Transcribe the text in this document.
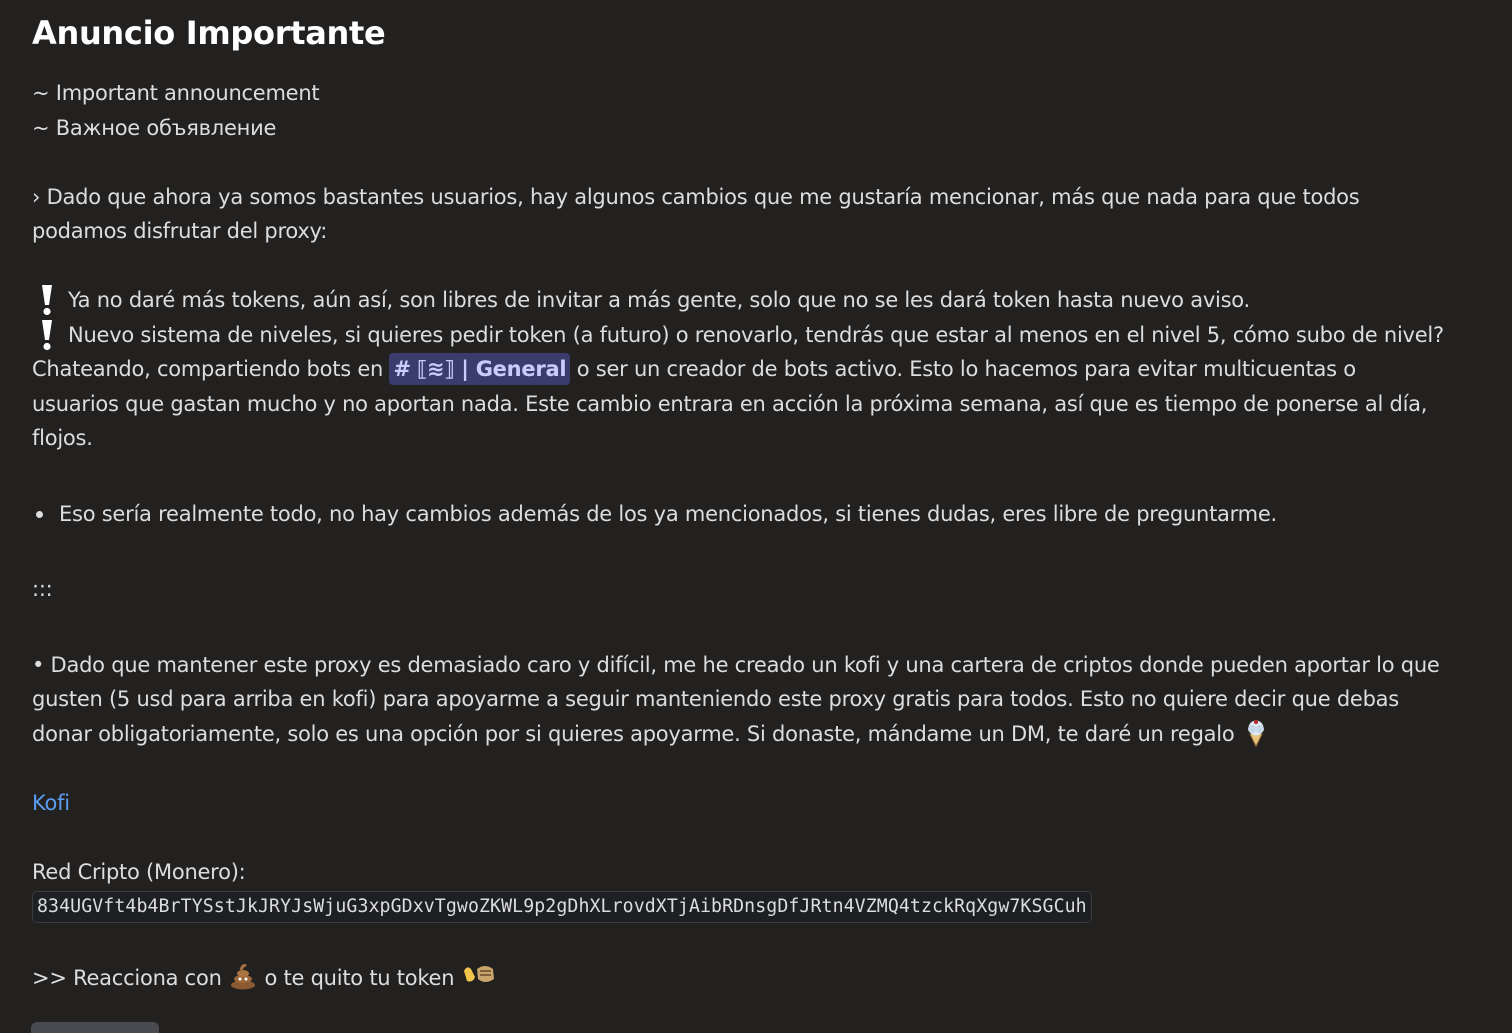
Anuncio Importante

~ Important announcement

~ Важное объявление

› Dado que ahora ya somos bastantes usuarios, hay algunos cambios que me gustaría mencionar, más que nada para que todos

podamos disfrutar del proxy:

Ya no daré más tokens, aún así, son libres de invitar a más gente, solo que no se les dará token hasta nuevo aviso.

Nuevo sistema de niveles, si quieres pedir token (a futuro) o renovarlo, tendrás que estar al menos en el nivel 5, cómo subo de nivel?

Chateando, compartiendo bots en # ⟦≋⟧ | General o ser un creador de bots activo. Esto lo hacemos para evitar multicuentas o

usuarios que gastan mucho y no aportan nada. Este cambio entrara en acción la próxima semana, así que es tiempo de ponerse al día,

flojos.

Eso sería realmente todo, no hay cambios además de los ya mencionados, si tienes dudas, eres libre de preguntarme.

:::

• Dado que mantener este proxy es demasiado caro y difícil, me he creado un kofi y una cartera de criptos donde pueden aportar lo que

gusten (5 usd para arriba en kofi) para apoyarme a seguir manteniendo este proxy gratis para todos. Esto no quiere decir que debas

donar obligatoriamente, solo es una opción por si quieres apoyarme. Si donaste, mándame un DM, te daré un regalo

Kofi

Red Cripto (Monero):

834UGVft4b4BrTYSstJkJRYJsWjuG3xpGDxvTgwoZKWL9p2gDhXLrovdXTjAibRDnsgDfJRtn4VZMQ4tzckRqXgw7KSGCuh

>> Reacciona con  o te quito tu token
